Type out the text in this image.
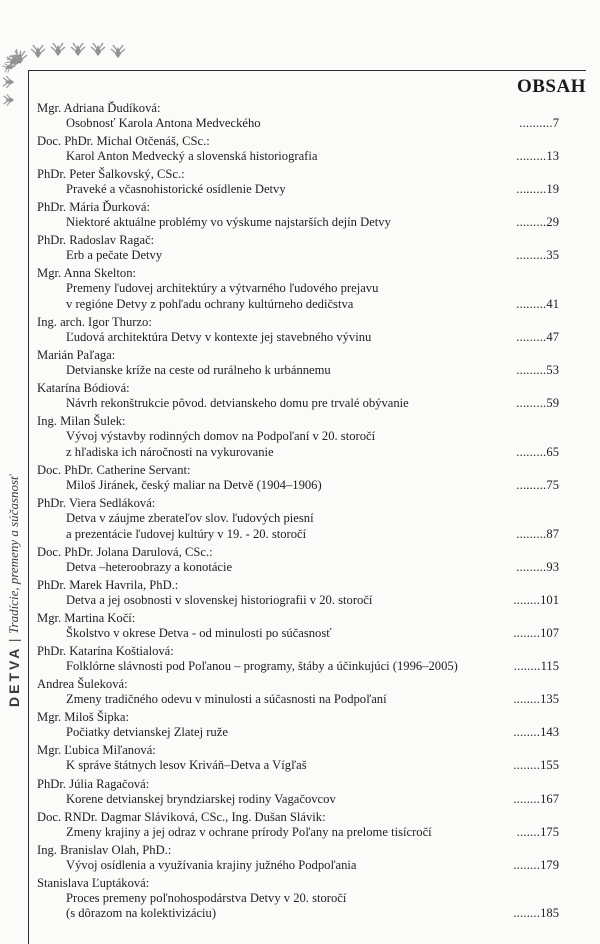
DETVA
|
Tradície, premeny a súčasnosť
OBSAH
Mgr. Adriana Ďudíková:
Osobnosť Karola Antona Medveckého	..........7
Doc. PhDr. Michal Otčenáš, CSc.:
Karol Anton Medvecký a slovenská historiografia	.........13
PhDr. Peter Šalkovský, CSc.:
Praveké a včasnohistorické osídlenie Detvy	.........19
PhDr. Mária Ďurková:
Niektoré aktuálne problémy vo výskume najstarších dejín Detvy	.........29
PhDr. Radoslav Ragač:
Erb a pečate Detvy	.........35
Mgr. Anna Skelton:
Premeny ľudovej architektúry a výtvarného ľudového prejavu
v regióne Detvy z pohľadu ochrany kultúrneho dedičstva	.........41
Ing. arch. Igor Thurzo:
Ľudová architektúra Detvy v kontexte jej stavebného vývinu	.........47
Marián Paľaga:
Detvianske kríže na ceste od rurálneho k urbánnemu	.........53
Katarína Bódiová:
Návrh rekonštrukcie pôvod. detvianskeho domu pre trvalé obývanie	.........59
Ing. Milan Šulek:
Vývoj výstavby rodinných domov na Podpoľaní v 20. storočí
z hľadiska ich náročnosti na vykurovanie	.........65
Doc. PhDr. Catherine Servant:
Miloš Jiránek, český maliar na Detvě (1904–1906)	.........75
PhDr. Viera Sedláková:
Detva v záujme zberateľov slov. ľudových piesní
a prezentácie ľudovej kultúry v 19. - 20. storočí	.........87
Doc. PhDr. Jolana Darulová, CSc.:
Detva –heteroobrazy a konotácie	.........93
PhDr. Marek Havrila, PhD.:
Detva a jej osobnosti v slovenskej historiografii v 20. storočí	........101
Mgr. Martina Kočí:
Školstvo v okrese Detva - od minulosti po súčasnosť	........107
PhDr. Katarína Koštialová:
Folklórne slávnosti pod Poľanou – programy, štáby a účinkujúci (1996–2005)	........115
Andrea Šuleková:
Zmeny tradičného odevu v minulosti a súčasnosti na Podpoľaní	........135
Mgr. Miloš Šipka:
Počiatky detvianskej Zlatej ruže	........143
Mgr. Ľubica Miľanová:
K správe štátnych lesov Kriváň–Detva a Vígľaš	........155
PhDr. Júlia Ragačová:
Korene detvianskej bryndziarskej rodiny Vagačovcov	........167
Doc. RNDr. Dagmar Sláviková, CSc., Ing. Dušan Slávik:
Zmeny krajiny a jej odraz v ochrane prírody Poľany na prelome tisícročí	.......175
Ing. Branislav Olah, PhD.:
Vývoj osídlenia a využívania krajiny južného Podpoľania	........179
Stanislava Ľuptáková:
Proces premeny poľnohospodárstva Detvy v 20. storočí
(s dôrazom na kolektivizáciu)	........185
